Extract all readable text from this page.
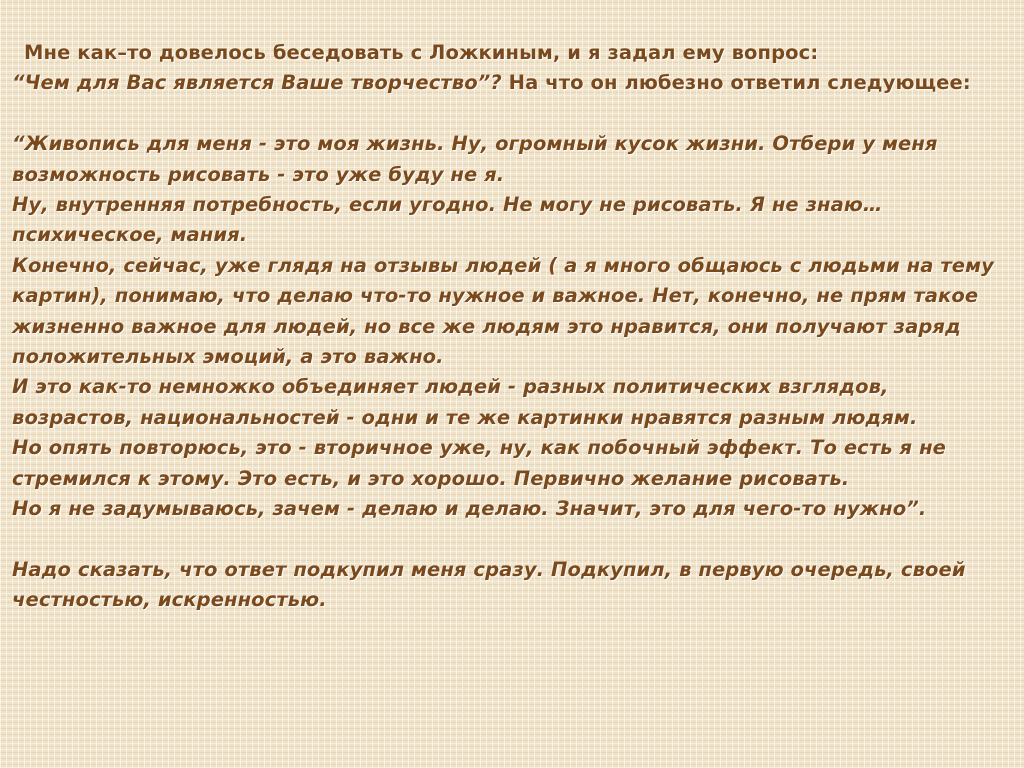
Мне как–то довелось беседовать с Ложкиным, и я задал ему вопрос:
“Чем для Вас является Ваше творчество”? На что он любезно ответил следующее:
“Живопись для меня - это моя жизнь. Ну, огромный кусок жизни. Отбери у меня
возможность рисовать - это уже буду не я.
Ну, внутренняя потребность, если угодно. Не могу не рисовать. Я не знаю…
психическое, мания.
Конечно, сейчас, уже глядя на отзывы людей ( а я много общаюсь с людьми на тему
картин), понимаю, что делаю что-то нужное и важное. Нет, конечно, не прям такое
жизненно важное для людей, но все же людям это нравится, они получают заряд
положительных эмоций, а это важно.
И это как-то немножко объединяет людей - разных политических взглядов,
возрастов, национальностей - одни и те же картинки нравятся разным людям.
Но опять повторюсь, это - вторичное уже, ну, как побочный эффект. То есть я не
стремился к этому. Это есть, и это хорошо. Первично желание рисовать.
Но я не задумываюсь, зачем - делаю и делаю. Значит, это для чего-то нужно”.
Надо сказать, что ответ подкупил меня сразу. Подкупил, в первую очередь, своей
честностью, искренностью.
